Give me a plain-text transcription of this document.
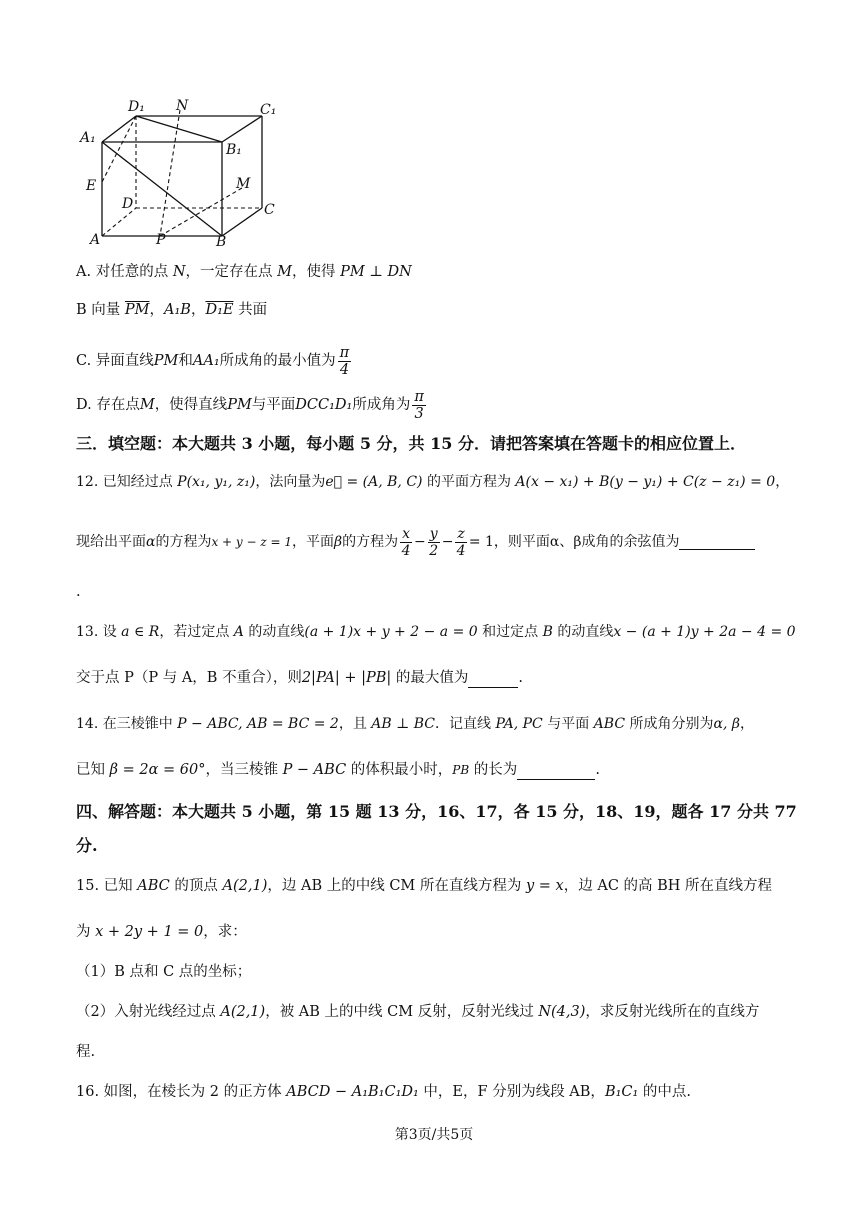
D₁ N	C₁
A₁
B₁
E	M
D	C
A	P	B
A. 对任意的点 N，一定存在点 M，使得 PM ⊥ DN
B 向量 $\overline{PM}$，A₁B，D₁E 共面
C. 异面直线 PM 和 AA₁ 所成角的最小值为 $\frac{\pi}{4}$
D. 存在点 M ，使得直线 PM 与平面 DCC₁D₁ 所成角为 $\frac{\pi}{3}$
三．填空题：本大题共 3 小题，每小题 5 分，共 15 分．请把答案填在答题卡的相应位置上．
12. 已知经过点 P(x₁, y₁, z₁)，法向量为e⃗ = (A, B, C) 的平面方程为 A(x − x₁) + B(y − y₁) + C(z − z₁) = 0，
现给出平面 α 的方程为 x + y − z = 1 ，平面 β 的方程为 $\frac{x}{4} - \frac{y}{2} - \frac{z}{4} = 1$ ，则平面α、β成角的余弦值为
.
13. 设 a ∈ R，若过定点 A 的动直线(a + 1)x + y + 2 − a = 0 和过定点 B 的动直线x − (a + 1)y + 2a − 4 = 0
交于点 P（P 与 A，B 不重合），则2|PA| + |PB| 的最大值为	.
14. 在三棱锥中 P − ABC, AB = BC = 2，且 AB ⊥ BC．记直线 PA, PC 与平面 ABC 所成角分别为α, β，
已知 β = 2α = 60°，当三棱锥 P − ABC 的体积最小时，PB 的长为	.
四、解答题：本大题共 5 小题，第 15 题 13 分，16、17，各 15 分，18、19，题各 17 分共 77
分.
15. 已知 ABC 的顶点 A(2,1)，边 AB 上的中线 CM 所在直线方程为 y = x，边 AC 的高 BH 所在直线方程
为 x + 2y + 1 = 0，求：
（1）B 点和 C 点的坐标；
（2）入射光线经过点 A(2,1)，被 AB 上的中线 CM 反射，反射光线过 N(4,3)，求反射光线所在的直线方
程.
16. 如图，在棱长为 2 的正方体 ABCD − A₁B₁C₁D₁ 中，E，F 分别为线段 AB，B₁C₁ 的中点.
第3页/共5页
